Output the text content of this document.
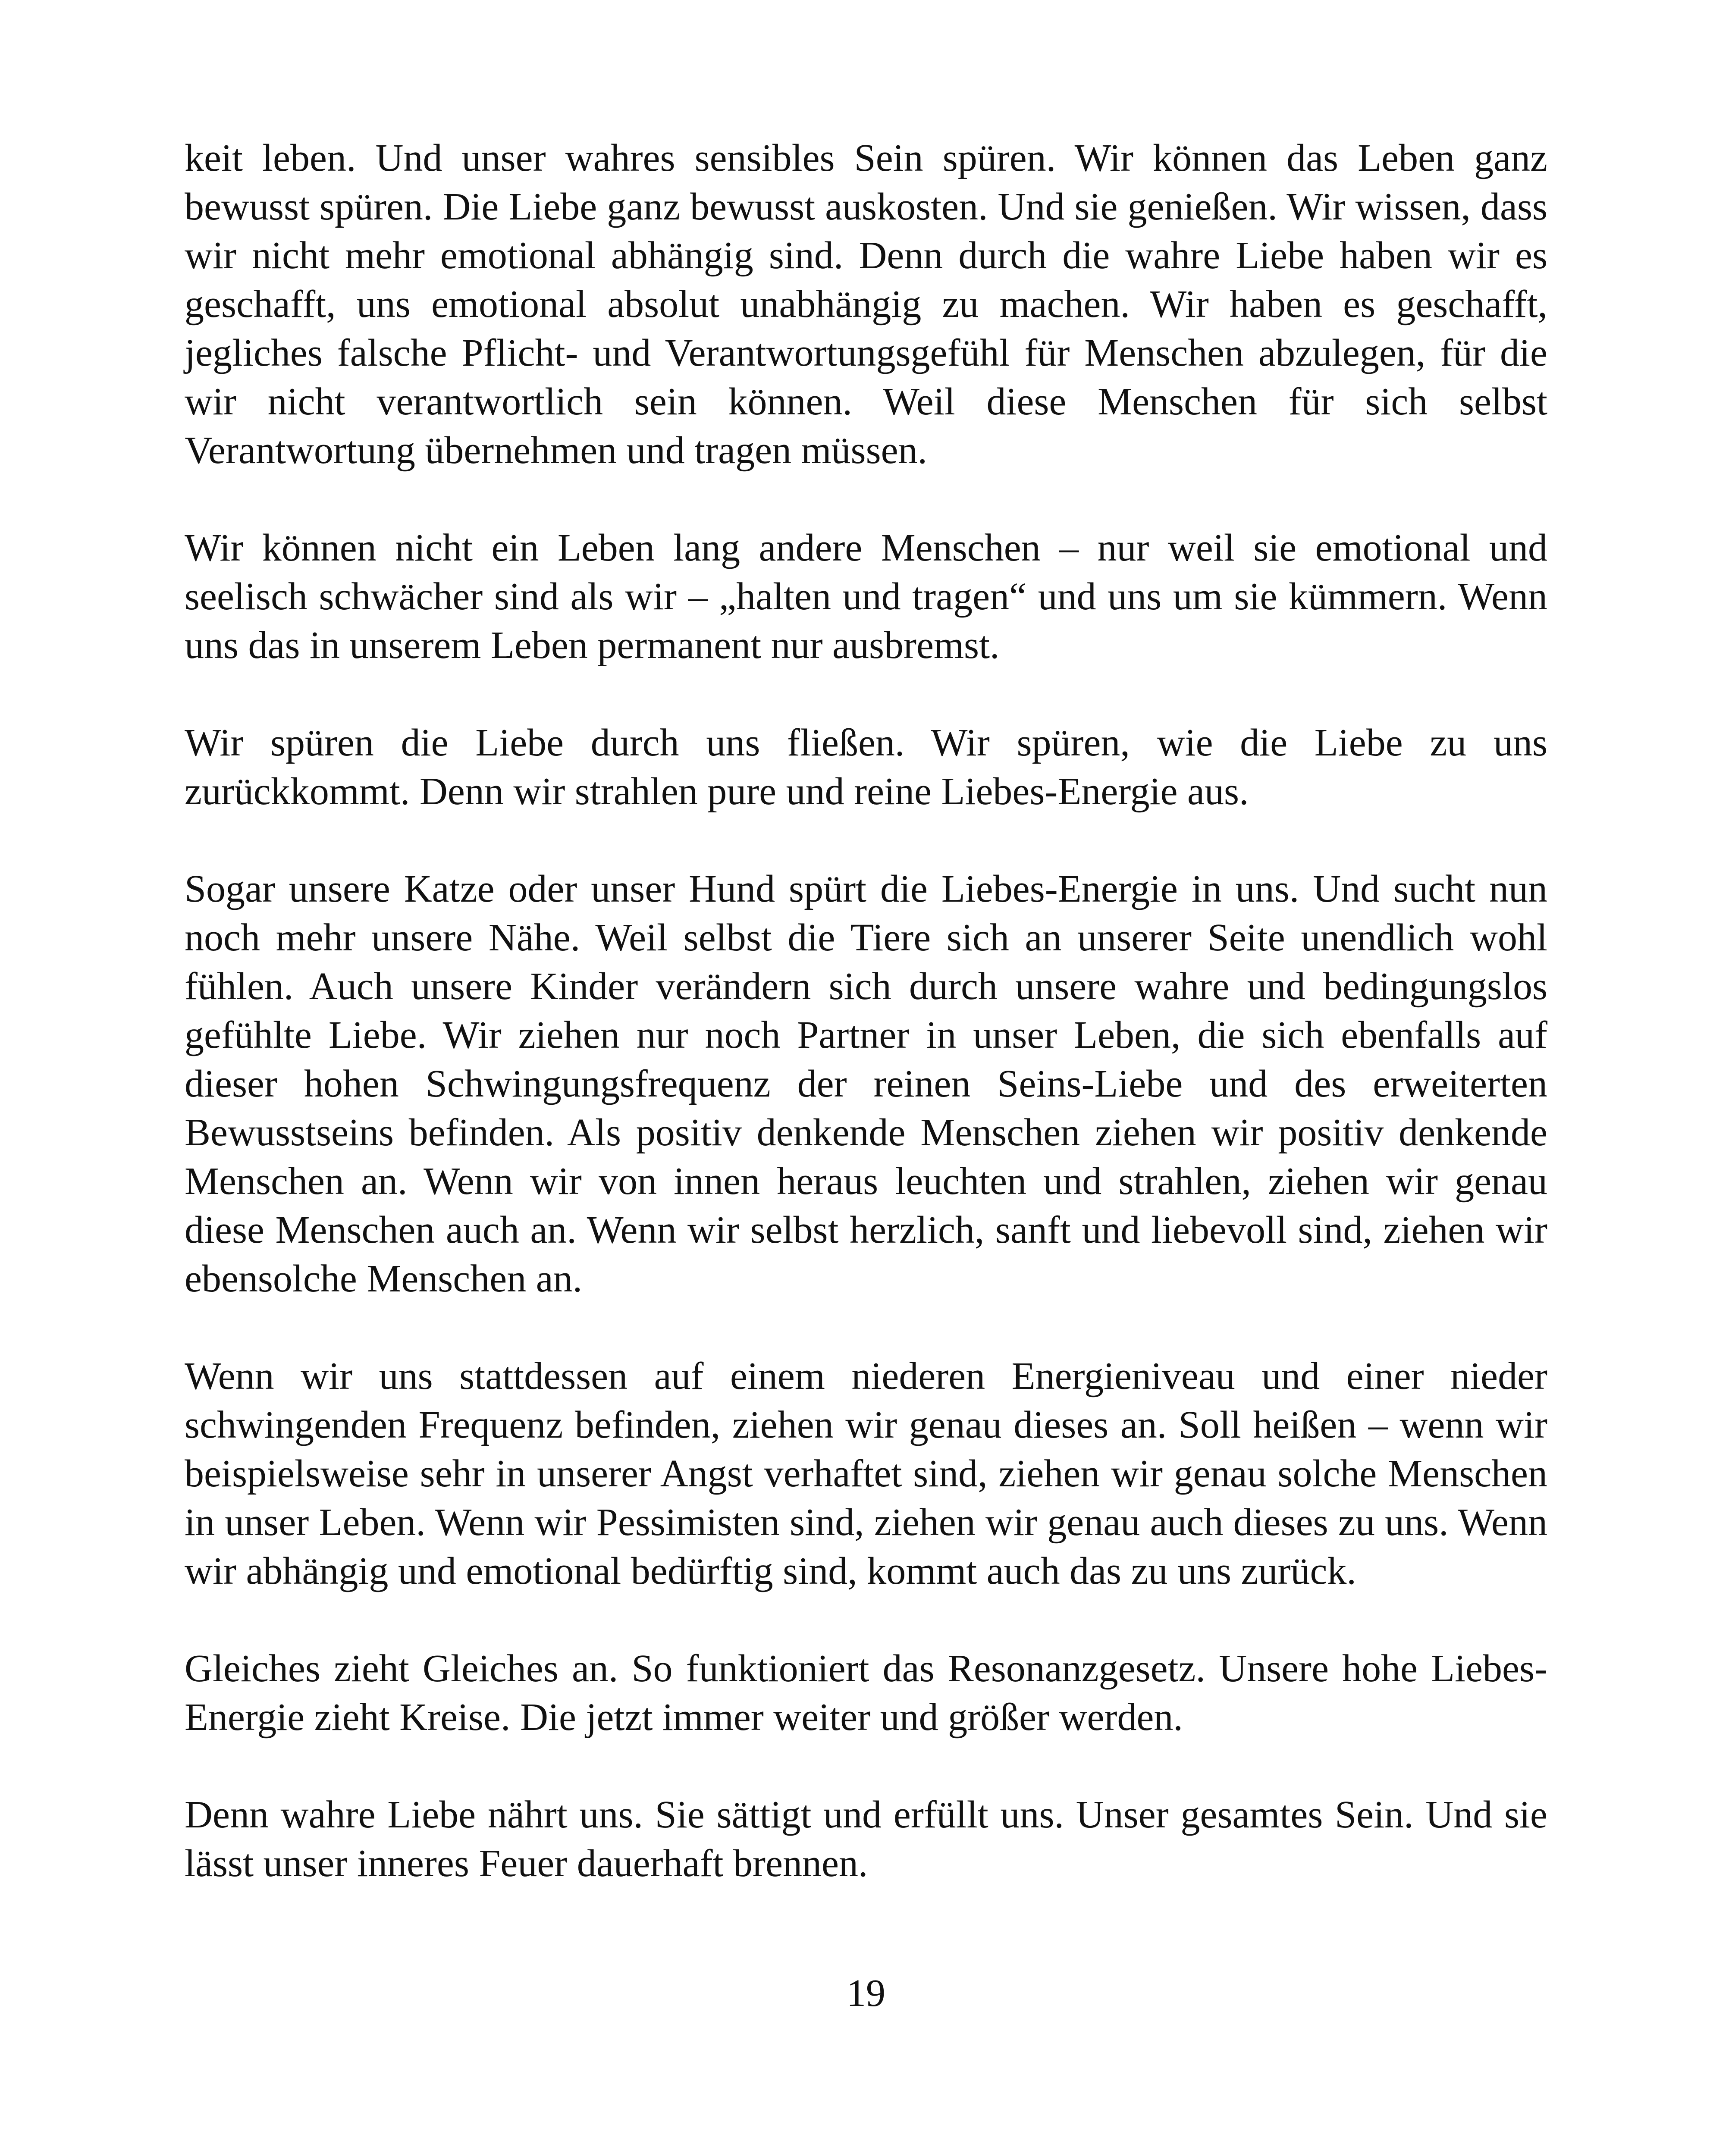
keit leben. Und unser wahres sensibles Sein spüren. Wir können das Leben ganz bewusst spüren. Die Liebe ganz bewusst auskosten. Und sie genießen. Wir wissen, dass wir nicht mehr emotional abhängig sind. Denn durch die wahre Liebe haben wir es geschafft, uns emotional absolut unabhängig zu machen. Wir haben es geschafft, jegliches falsche Pflicht- und Verantwortungsgefühl für Menschen abzulegen, für die wir nicht verantwortlich sein können. Weil diese Menschen für sich selbst Verantwortung übernehmen und tragen müssen.

Wir können nicht ein Leben lang andere Menschen – nur weil sie emotional und seelisch schwächer sind als wir – „halten und tragen“ und uns um sie kümmern. Wenn uns das in unserem Leben permanent nur ausbremst.

Wir spüren die Liebe durch uns fließen. Wir spüren, wie die Liebe zu uns zurückkommt. Denn wir strahlen pure und reine Liebes-Energie aus.

Sogar unsere Katze oder unser Hund spürt die Liebes-Energie in uns. Und sucht nun noch mehr unsere Nähe. Weil selbst die Tiere sich an unserer Seite unendlich wohl fühlen. Auch unsere Kinder verändern sich durch unsere wahre und bedingungslos gefühlte Liebe. Wir ziehen nur noch Partner in unser Leben, die sich ebenfalls auf dieser hohen Schwingungsfrequenz der reinen Seins-Liebe und des erweiterten Bewusstseins befinden. Als positiv denkende Menschen ziehen wir positiv denkende Menschen an. Wenn wir von innen heraus leuchten und strahlen, ziehen wir genau diese Menschen auch an. Wenn wir selbst herzlich, sanft und liebevoll sind, ziehen wir ebensolche Menschen an.

Wenn wir uns stattdessen auf einem niederen Energieniveau und einer nieder schwingenden Frequenz befinden, ziehen wir genau dieses an. Soll heißen – wenn wir beispielsweise sehr in unserer Angst verhaftet sind, ziehen wir genau solche Menschen in unser Leben. Wenn wir Pessimisten sind, ziehen wir genau auch dieses zu uns. Wenn wir abhängig und emotional bedürftig sind, kommt auch das zu uns zurück.

Gleiches zieht Gleiches an. So funktioniert das Resonanzgesetz. Unsere hohe Liebes-Energie zieht Kreise. Die jetzt immer weiter und größer werden.

Denn wahre Liebe nährt uns. Sie sättigt und erfüllt uns. Unser gesamtes Sein. Und sie lässt unser inneres Feuer dauerhaft brennen.

19
